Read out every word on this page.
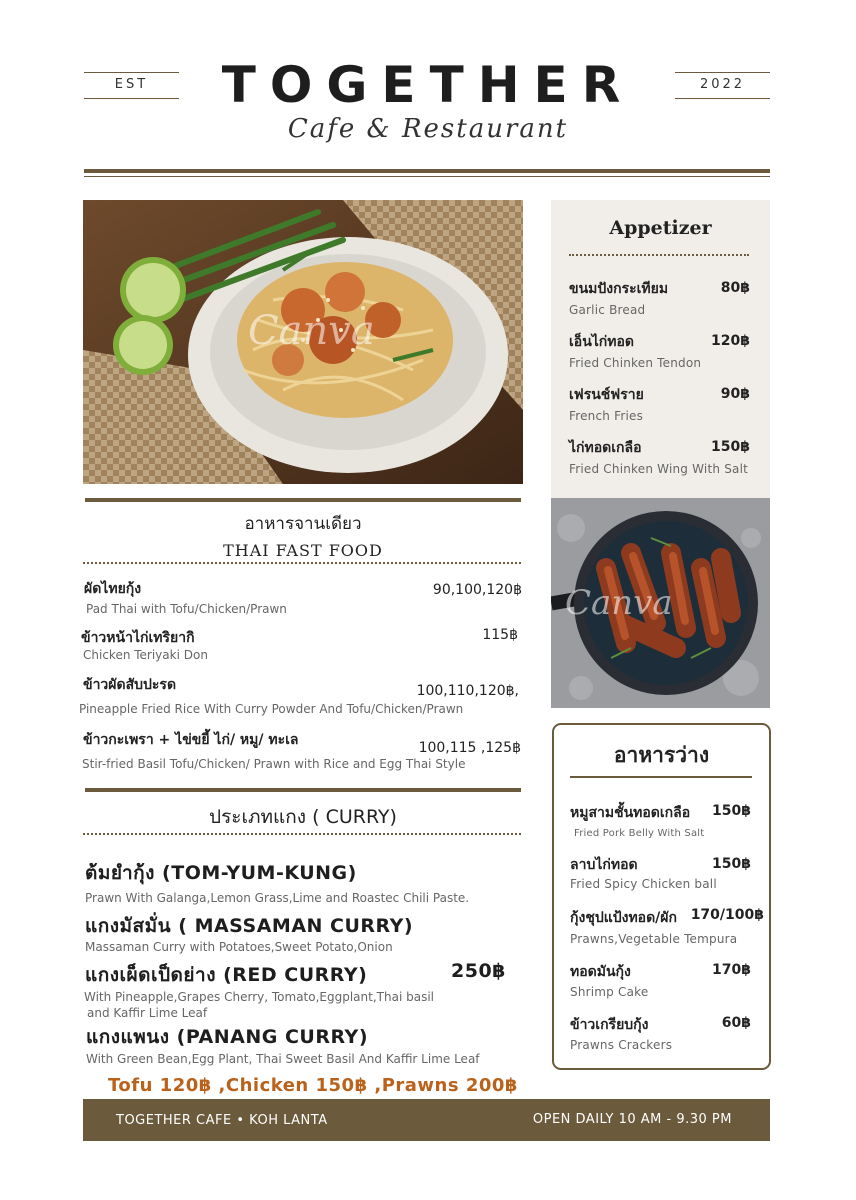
EST	2022
TOGETHER
Cafe & Restaurant
Canva
Appetizer
ขนมปังกระเทียม	80฿
Garlic Bread
เอ็นไก่ทอด	120฿
Fried Chinken Tendon
เฟรนช์ฟราย	90฿
French Fries
ไก่ทอดเกลือ	150฿
Fried Chinken Wing With Salt
Canva
อาหารจานเดียว
THAI FAST FOOD
ผัดไทยกุ้ง	90,100,120฿
Pad Thai with Tofu/Chicken/Prawn
ข้าวหน้าไก่เทริยากิ	115฿
Chicken Teriyaki Don
ข้าวผัดสับปะรด	100,110,120฿,
Pineapple Fried Rice With Curry Powder And Tofu/Chicken/Prawn
ข้าวกะเพรา + ไข่ขยี้ ไก่/ หมู/ ทะเล	100,115 ,125฿
Stir-fried Basil Tofu/Chicken/ Prawn with Rice and Egg Thai Style
ประเภทแกง ( CURRY)
ต้มยำกุ้ง (TOM-YUM-KUNG)
Prawn With Galanga,Lemon Grass,Lime and Roastec Chili Paste.
แกงมัสมั่น ( MASSAMAN CURRY)
Massaman Curry with Potatoes,Sweet Potato,Onion
แกงเผ็ดเป็ดย่าง (RED CURRY)	250฿
With Pineapple,Grapes Cherry, Tomato,Eggplant,Thai basil
and Kaffir Lime Leaf
แกงแพนง (PANANG CURRY)
With Green Bean,Egg Plant, Thai Sweet Basil And Kaffir Lime Leaf
Tofu 120฿ ,Chicken 150฿ ,Prawns 200฿
อาหารว่าง
หมูสามชั้นทอดเกลือ 150฿
Fried Pork Belly With Salt
ลาบไก่ทอด	150฿
Fried Spicy Chicken ball
กุ้งชุปแป้งทอด/ผัก 170/100฿
Prawns,Vegetable Tempura
ทอดมันกุ้ง	170฿
Shrimp Cake
ข้าวเกรียบกุ้ง	60฿
Prawns Crackers
TOGETHER CAFE • KOH LANTA	OPEN DAILY 10 AM - 9.30 PM
